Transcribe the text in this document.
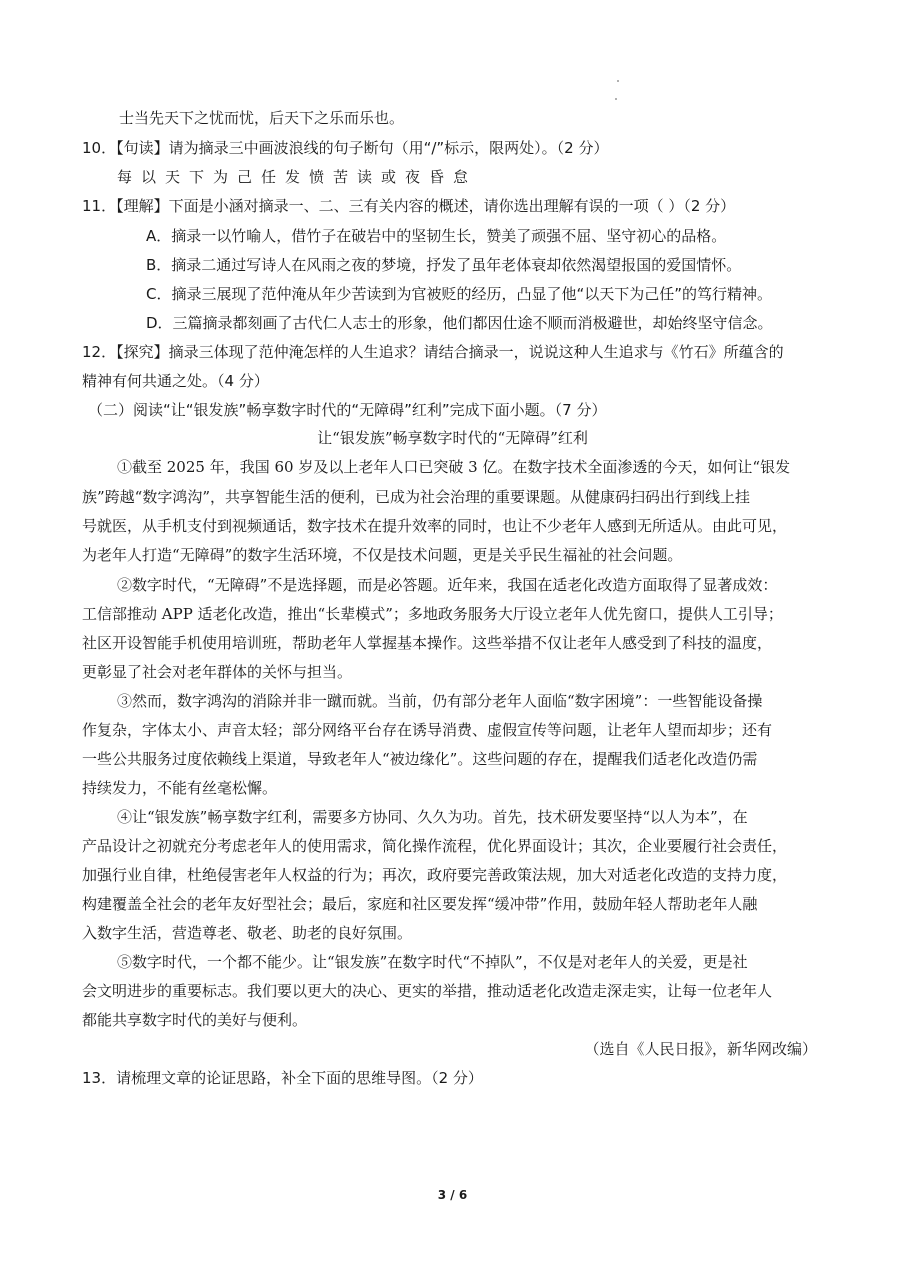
士当先天下之忧而忧，后天下之乐而乐也。
10．【句读】请为摘录三中画波浪线的句子断句（用“/”标示，限两处）。（2 分）
每以天下为己任发愤苦读或夜昏怠
11．【理解】下面是小涵对摘录一、二、三有关内容的概述，请你选出理解有误的一项（ ）（2 分）
A．摘录一以竹喻人，借竹子在破岩中的坚韧生长，赞美了顽强不屈、坚守初心的品格。
B．摘录二通过写诗人在风雨之夜的梦境，抒发了虽年老体衰却依然渴望报国的爱国情怀。
C．摘录三展现了范仲淹从年少苦读到为官被贬的经历，凸显了他“以天下为己任”的笃行精神。
D．三篇摘录都刻画了古代仁人志士的形象，他们都因仕途不顺而消极避世，却始终坚守信念。
12．【探究】摘录三体现了范仲淹怎样的人生追求？请结合摘录一，说说这种人生追求与《竹石》所蕴含的
精神有何共通之处。（4 分）
（二）阅读“让“银发族”畅享数字时代的“无障碍”红利”完成下面小题。（7 分）
让“银发族”畅享数字时代的“无障碍”红利
①截至 2025 年，我国 60 岁及以上老年人口已突破 3 亿。在数字技术全面渗透的今天，如何让“银发
族”跨越“数字鸿沟”，共享智能生活的便利，已成为社会治理的重要课题。从健康码扫码出行到线上挂
号就医，从手机支付到视频通话，数字技术在提升效率的同时，也让不少老年人感到无所适从。由此可见，
为老年人打造“无障碍”的数字生活环境，不仅是技术问题，更是关乎民生福祉的社会问题。
②数字时代，“无障碍”不是选择题，而是必答题。近年来，我国在适老化改造方面取得了显著成效：
工信部推动 APP 适老化改造，推出“长辈模式”；多地政务服务大厅设立老年人优先窗口，提供人工引导；
社区开设智能手机使用培训班，帮助老年人掌握基本操作。这些举措不仅让老年人感受到了科技的温度，
更彰显了社会对老年群体的关怀与担当。
③然而，数字鸿沟的消除并非一蹴而就。当前，仍有部分老年人面临“数字困境”：一些智能设备操
作复杂，字体太小、声音太轻；部分网络平台存在诱导消费、虚假宣传等问题，让老年人望而却步；还有
一些公共服务过度依赖线上渠道，导致老年人“被边缘化”。这些问题的存在，提醒我们适老化改造仍需
持续发力，不能有丝毫松懈。
④让“银发族”畅享数字红利，需要多方协同、久久为功。首先，技术研发要坚持“以人为本”，在
产品设计之初就充分考虑老年人的使用需求，简化操作流程，优化界面设计；其次，企业要履行社会责任，
加强行业自律，杜绝侵害老年人权益的行为；再次，政府要完善政策法规，加大对适老化改造的支持力度，
构建覆盖全社会的老年友好型社会；最后，家庭和社区要发挥“缓冲带”作用，鼓励年轻人帮助老年人融
入数字生活，营造尊老、敬老、助老的良好氛围。
⑤数字时代，一个都不能少。让“银发族”在数字时代“不掉队”，不仅是对老年人的关爱，更是社
会文明进步的重要标志。我们要以更大的决心、更实的举措，推动适老化改造走深走实，让每一位老年人
都能共享数字时代的美好与便利。
（选自《人民日报》，新华网改编）
13．请梳理文章的论证思路，补全下面的思维导图。（2 分）
3 / 6
